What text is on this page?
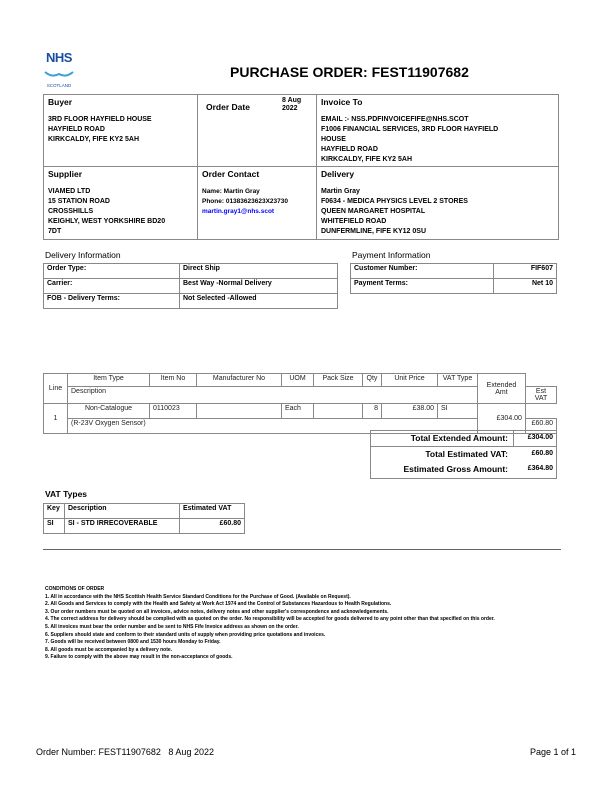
NHS
SCOTLAND
PURCHASE ORDER: FEST11907682
Buyer
3RD FLOOR HAYFIELD HOUSE
HAYFIELD ROAD
KIRKCALDY, FIFE KY2 5AH
Order Date
8 Aug
2022
Invoice To
EMAIL :- NSS.PDFINVOICEFIFE@NHS.SCOT
F1006 FINANCIAL SERVICES, 3RD FLOOR HAYFIELD
HOUSE
HAYFIELD ROAD
KIRKCALDY, FIFE KY2 5AH
Supplier
VIAMED LTD
15 STATION ROAD
CROSSHILLS
KEIGHLY, WEST YORKSHIRE BD20
7DT
Order Contact
Name: Martin Gray
Phone: 01383623623X23730
martin.gray1@nhs.scot
Delivery
Martin Gray
F0634 - MEDICA PHYSICS LEVEL 2 STORES
QUEEN MARGARET HOSPITAL
WHITEFIELD ROAD
DUNFERMLINE, FIFE KY12 0SU
Delivery Information
Order Type:	Direct Ship
Carrier:	Best Way -Normal Delivery
FOB - Delivery Terms:	Not Selected -Allowed
Payment Information
Customer Number:	FIF607
Payment Terms:	Net 10
Line	Item Type	Item No	Manufacturer No	UOM	Pack Size	Qty	Unit Price	VAT Type	Extended Amt	
	Description									Est VAT
1	Non-Catalogue	0110023		Each		8	£38.00	SI	£304.00	
	(R-23V Oxygen Sensor)									£60.80
Total Extended Amount:	£304.00
Total Estimated VAT:	£60.80
Estimated Gross Amount:	£364.80
VAT Types
Key	Description	Estimated VAT
SI	SI - STD IRRECOVERABLE	£60.80
CONDITIONS OF ORDER
1. All in accordance with the NHS Scottish Health Service Standard Conditions for the Purchase of Good. (Available on Request).
2. All Goods and Services to comply with the Health and Safety at Work Act 1974 and the Control of Substances Hazardous to Health Regulations.
3. Our order numbers must be quoted on all invoices, advice notes, delivery notes and other supplier's correspondence and acknowledgements.
4. The correct address for delivery should be complied with as quoted on the order. No responsibility will be accepted for goods delivered to any point other than that specified on this order.
5. All invoices must bear the order number and be sent to NHS Fife Invoice address as shown on the order.
6. Suppliers should state and conform to their standard units of supply when providing price quotations and invoices.
7. Goods will be received between 0800 and 1530 hours Monday to Friday.
8. All goods must be accompanied by a delivery note.
9. Failure to comply with the above may result in the non-acceptance of goods.
Order Number: FEST11907682 8 Aug 2022	Page 1 of 1
